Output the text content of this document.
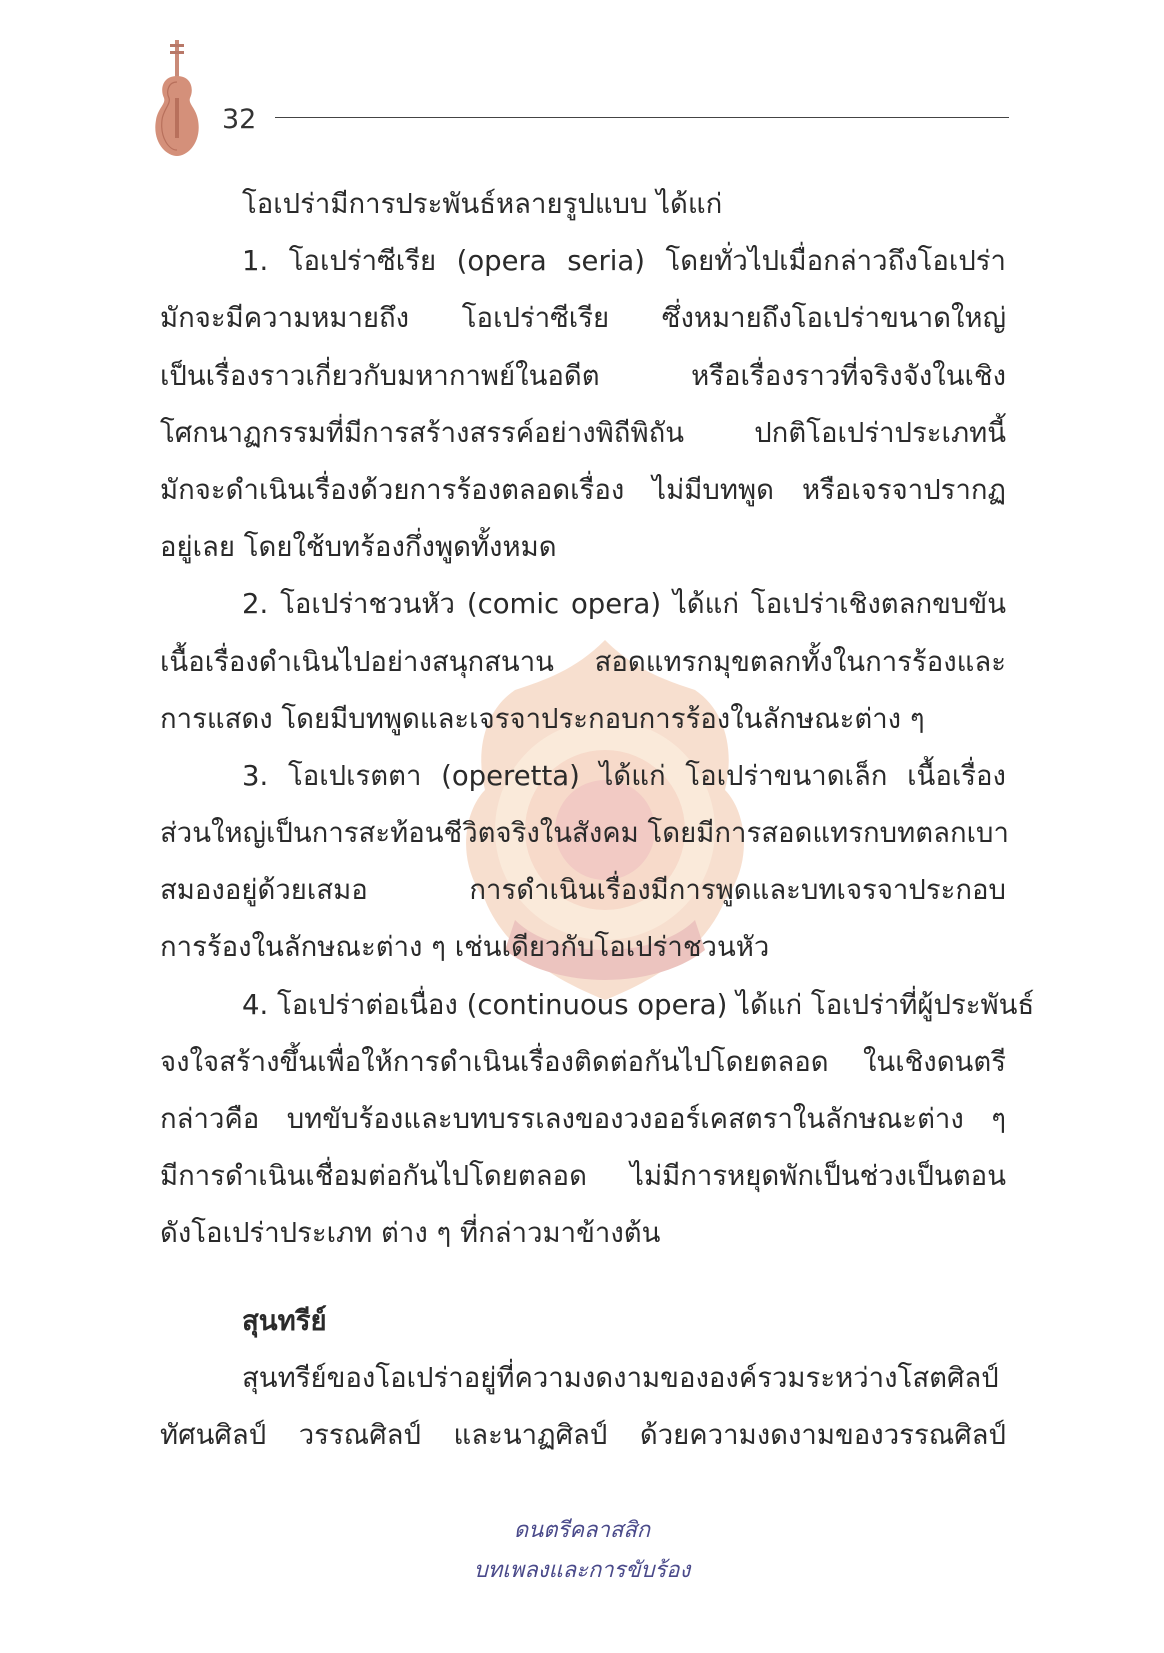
32
โอเปร่ามีการประพันธ์หลายรูปแบบ ได้แก่
1. โอเปร่าซีเรีย (opera seria) โดยทั่วไปเมื่อกล่าวถึงโอเปร่า
มักจะมีความหมายถึง โอเปร่าซีเรีย ซึ่งหมายถึงโอเปร่าขนาดใหญ่
เป็นเรื่องราวเกี่ยวกับมหากาพย์ในอดีต หรือเรื่องราวที่จริงจังในเชิง
โศกนาฏกรรมที่มีการสร้างสรรค์อย่างพิถีพิถัน ปกติโอเปร่าประเภทนี้
มักจะดำเนินเรื่องด้วยการร้องตลอดเรื่อง ไม่มีบทพูด หรือเจรจาปรากฏ
อยู่เลย โดยใช้บทร้องกึ่งพูดทั้งหมด
2. โอเปร่าชวนหัว (comic opera) ได้แก่ โอเปร่าเชิงตลกขบขัน
เนื้อเรื่องดำเนินไปอย่างสนุกสนาน สอดแทรกมุขตลกทั้งในการร้องและ
การแสดง โดยมีบทพูดและเจรจาประกอบการร้องในลักษณะต่าง ๆ
3. โอเปเรตตา (operetta) ได้แก่ โอเปร่าขนาดเล็ก เนื้อเรื่อง
ส่วนใหญ่เป็นการสะท้อนชีวิตจริงในสังคม โดยมีการสอดแทรกบทตลกเบา
สมองอยู่ด้วยเสมอ การดำเนินเรื่องมีการพูดและบทเจรจาประกอบ
การร้องในลักษณะต่าง ๆ เช่นเดียวกับโอเปร่าชวนหัว
4. โอเปร่าต่อเนื่อง (continuous opera) ได้แก่ โอเปร่าที่ผู้ประพันธ์
จงใจสร้างขึ้นเพื่อให้การดำเนินเรื่องติดต่อกันไปโดยตลอด ในเชิงดนตรี
กล่าวคือ บทขับร้องและบทบรรเลงของวงออร์เคสตราในลักษณะต่าง ๆ
มีการดำเนินเชื่อมต่อกันไปโดยตลอด ไม่มีการหยุดพักเป็นช่วงเป็นตอน
ดังโอเปร่าประเภท ต่าง ๆ ที่กล่าวมาข้างต้น
สุนทรีย์
สุนทรีย์ของโอเปร่าอยู่ที่ความงดงามขององค์รวมระหว่างโสตศิลป์
ทัศนศิลป์ วรรณศิลป์ และนาฏศิลป์ ด้วยความงดงามของวรรณศิลป์
ดนตรีคลาสสิก
บทเพลงและการขับร้อง
